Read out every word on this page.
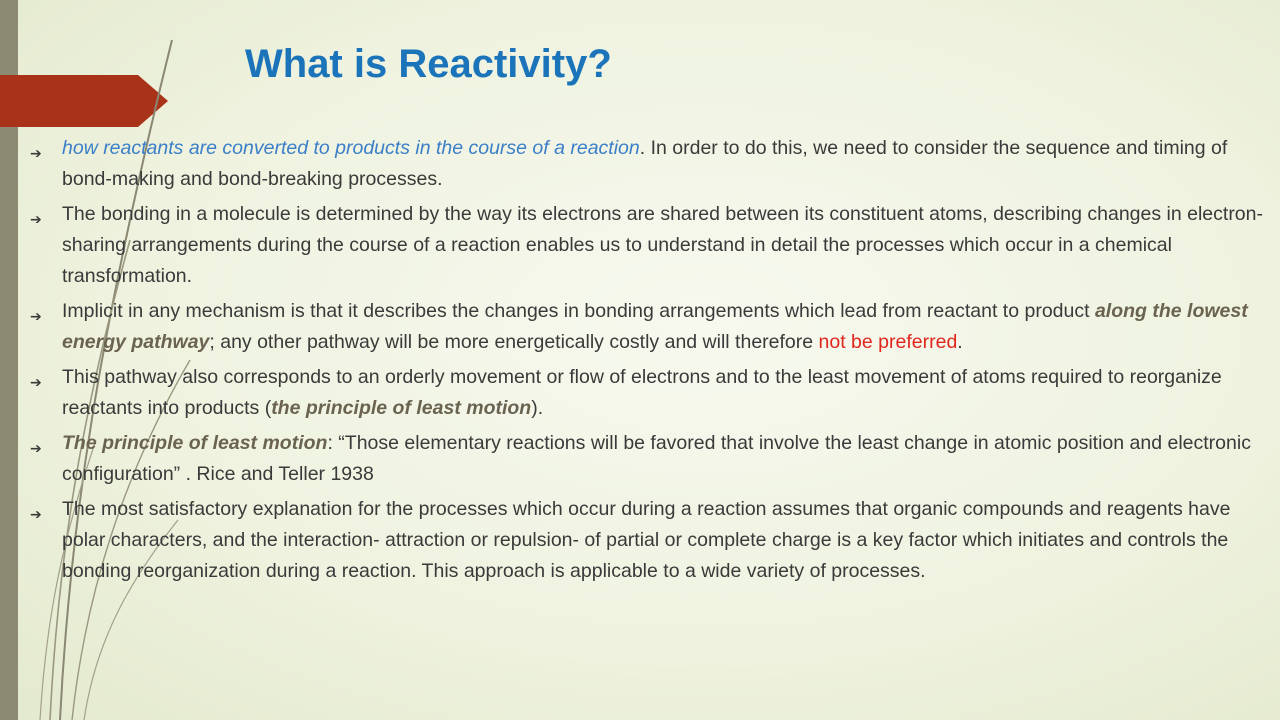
What is Reactivity?
➔ how reactants are converted to products in the course of a reaction. In order to do this, we need to consider the sequence and timing of bond-making and bond-breaking processes.
➔ The bonding in a molecule is determined by the way its electrons are shared between its constituent atoms, describing changes in electron-sharing arrangements during the course of a reaction enables us to understand in detail the processes which occur in a chemical transformation.
➔ Implicit in any mechanism is that it describes the changes in bonding arrangements which lead from reactant to product along the lowest energy pathway; any other pathway will be more energetically costly and will therefore not be preferred.
➔ This pathway also corresponds to an orderly movement or flow of electrons and to the least movement of atoms required to reorganize reactants into products (the principle of least motion).
➔ The principle of least motion: “Those elementary reactions will be favored that involve the least change in atomic position and electronic configuration” . Rice and Teller 1938
➔ The most satisfactory explanation for the processes which occur during a reaction assumes that organic compounds and reagents have polar characters, and the interaction- attraction or repulsion- of partial or complete charge is a key factor which initiates and controls the bonding reorganization during a reaction. This approach is applicable to a wide variety of processes.
